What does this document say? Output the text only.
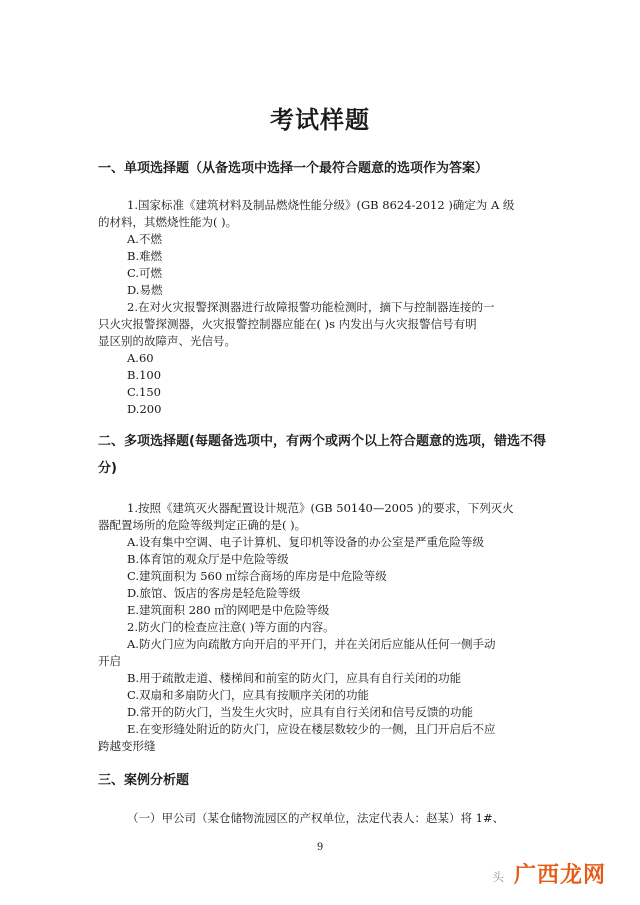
考试样题
一、单项选择题（从备选项中选择一个最符合题意的选项作为答案）
1.国家标准《建筑材料及制品燃烧性能分级》(GB 8624-2012 )确定为 A 级
的材料，其燃烧性能为( )。
A.不燃
B.难燃
C.可燃
D.易燃
2.在对火灾报警探测器进行故障报警功能检测时，摘下与控制器连接的一
只火灾报警探测器，火灾报警控制器应能在( )s 内发出与火灾报警信号有明
显区别的故障声、光信号。
A.60
B.100
C.150
D.200
二、多项选择题(每题备选项中，有两个或两个以上符合题意的选项，错选不得分)
1.按照《建筑灭火器配置设计规范》(GB 50140—2005 )的要求，下列灭火
器配置场所的危险等级判定正确的是( )。
A.设有集中空调、电子计算机、复印机等设备的办公室是严重危险等级
B.体育馆的观众厅是中危险等级
C.建筑面积为 560 ㎡综合商场的库房是中危险等级
D.旅馆、饭店的客房是轻危险等级
E.建筑面积 280 ㎡的网吧是中危险等级
2.防火门的检查应注意( )等方面的内容。
A.防火门应为向疏散方向开启的平开门，并在关闭后应能从任何一侧手动
开启
B.用于疏散走道、楼梯间和前室的防火门，应具有自行关闭的功能
C.双扇和多扇防火门，应具有按顺序关闭的功能
D.常开的防火门，当发生火灾时，应具有自行关闭和信号反馈的功能
E.在变形缝处附近的防火门，应设在楼层数较少的一侧，且门开启后不应
跨越变形缝
三、案例分析题
（一）甲公司（某仓储物流园区的产权单位，法定代表人：赵某）将 1#、
9
头 广西龙网
